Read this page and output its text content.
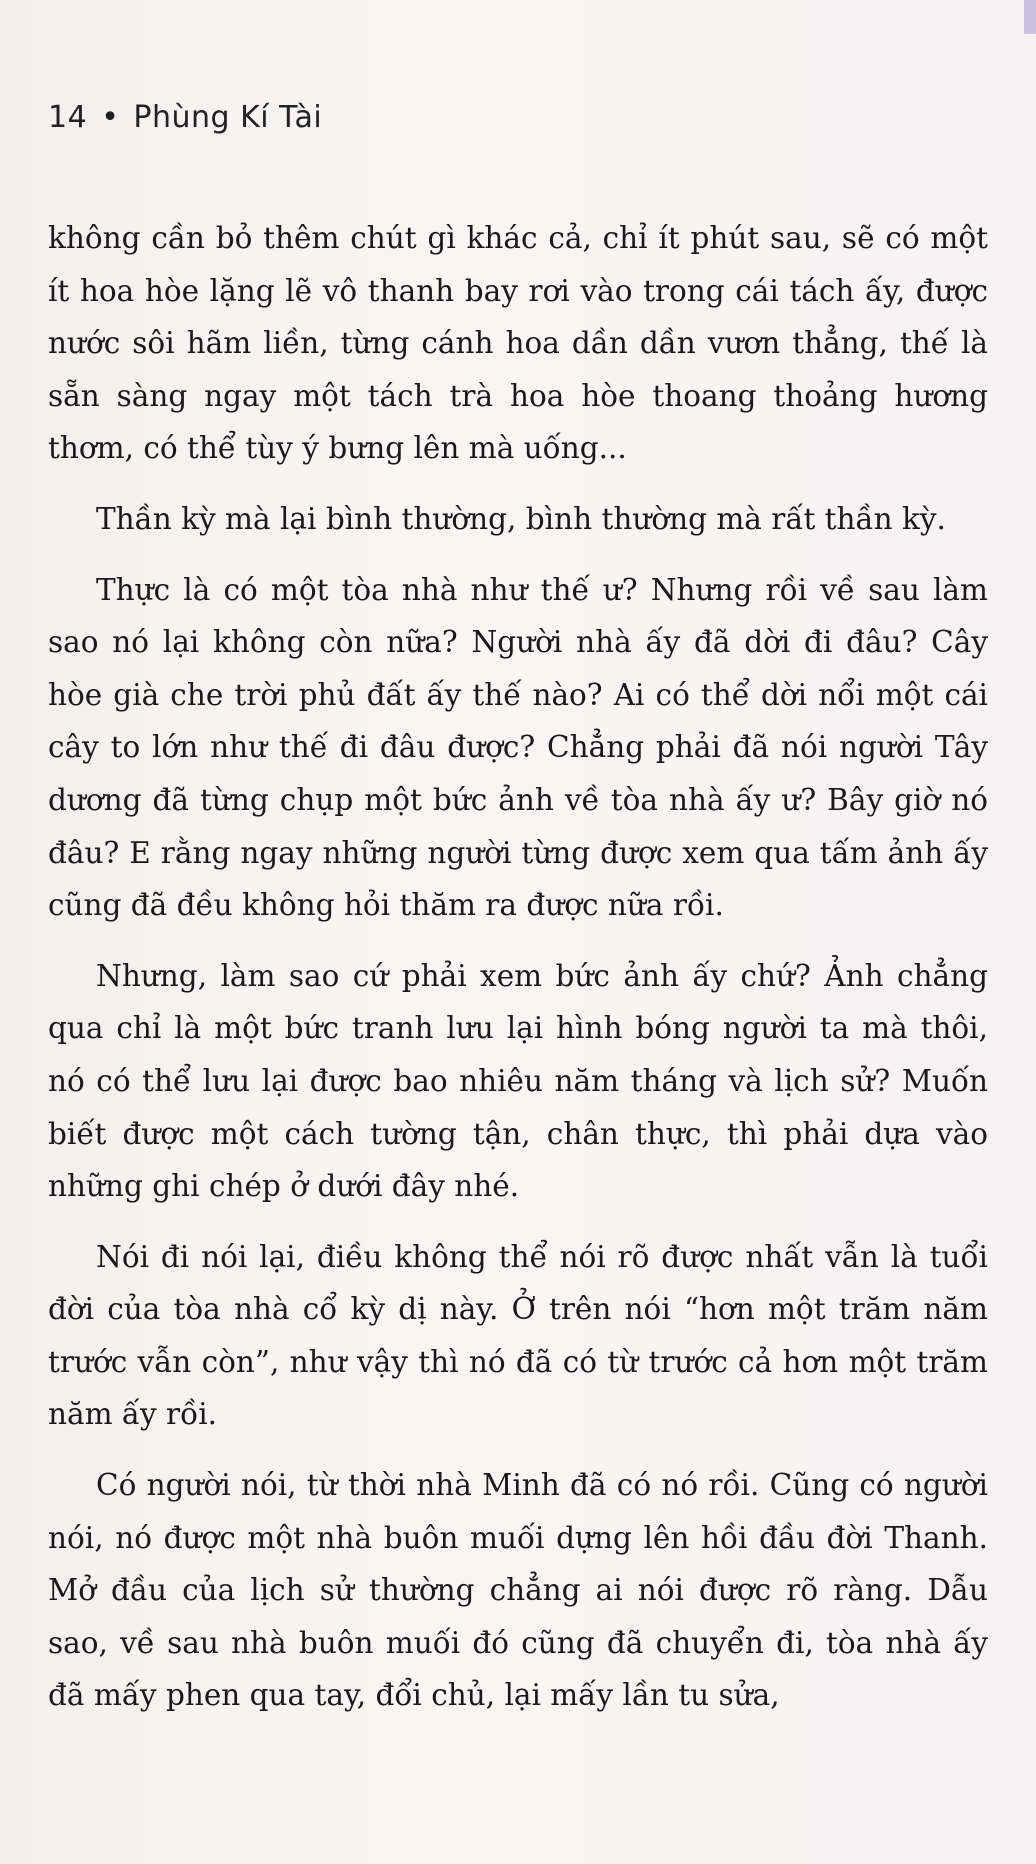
14 • Phùng Kí Tài

không cần bỏ thêm chút gì khác cả, chỉ ít phút sau, sẽ có một ít hoa hòe lặng lẽ vô thanh bay rơi vào trong cái tách ấy, được nước sôi hãm liền, từng cánh hoa dần dần vươn thẳng, thế là sẵn sàng ngay một tách trà hoa hòe thoang thoảng hương thơm, có thể tùy ý bưng lên mà uống...

Thần kỳ mà lại bình thường, bình thường mà rất thần kỳ.

Thực là có một tòa nhà như thế ư? Nhưng rồi về sau làm sao nó lại không còn nữa? Người nhà ấy đã dời đi đâu? Cây hòe già che trời phủ đất ấy thế nào? Ai có thể dời nổi một cái cây to lớn như thế đi đâu được? Chẳng phải đã nói người Tây dương đã từng chụp một bức ảnh về tòa nhà ấy ư? Bây giờ nó đâu? E rằng ngay những người từng được xem qua tấm ảnh ấy cũng đã đều không hỏi thăm ra được nữa rồi.

Nhưng, làm sao cứ phải xem bức ảnh ấy chứ? Ảnh chẳng qua chỉ là một bức tranh lưu lại hình bóng người ta mà thôi, nó có thể lưu lại được bao nhiêu năm tháng và lịch sử? Muốn biết được một cách tường tận, chân thực, thì phải dựa vào những ghi chép ở dưới đây nhé.

Nói đi nói lại, điều không thể nói rõ được nhất vẫn là tuổi đời của tòa nhà cổ kỳ dị này. Ở trên nói “hơn một trăm năm trước vẫn còn”, như vậy thì nó đã có từ trước cả hơn một trăm năm ấy rồi.

Có người nói, từ thời nhà Minh đã có nó rồi. Cũng có người nói, nó được một nhà buôn muối dựng lên hồi đầu đời Thanh. Mở đầu của lịch sử thường chẳng ai nói được rõ ràng. Dẫu sao, về sau nhà buôn muối đó cũng đã chuyển đi, tòa nhà ấy đã mấy phen qua tay, đổi chủ, lại mấy lần tu sửa,
